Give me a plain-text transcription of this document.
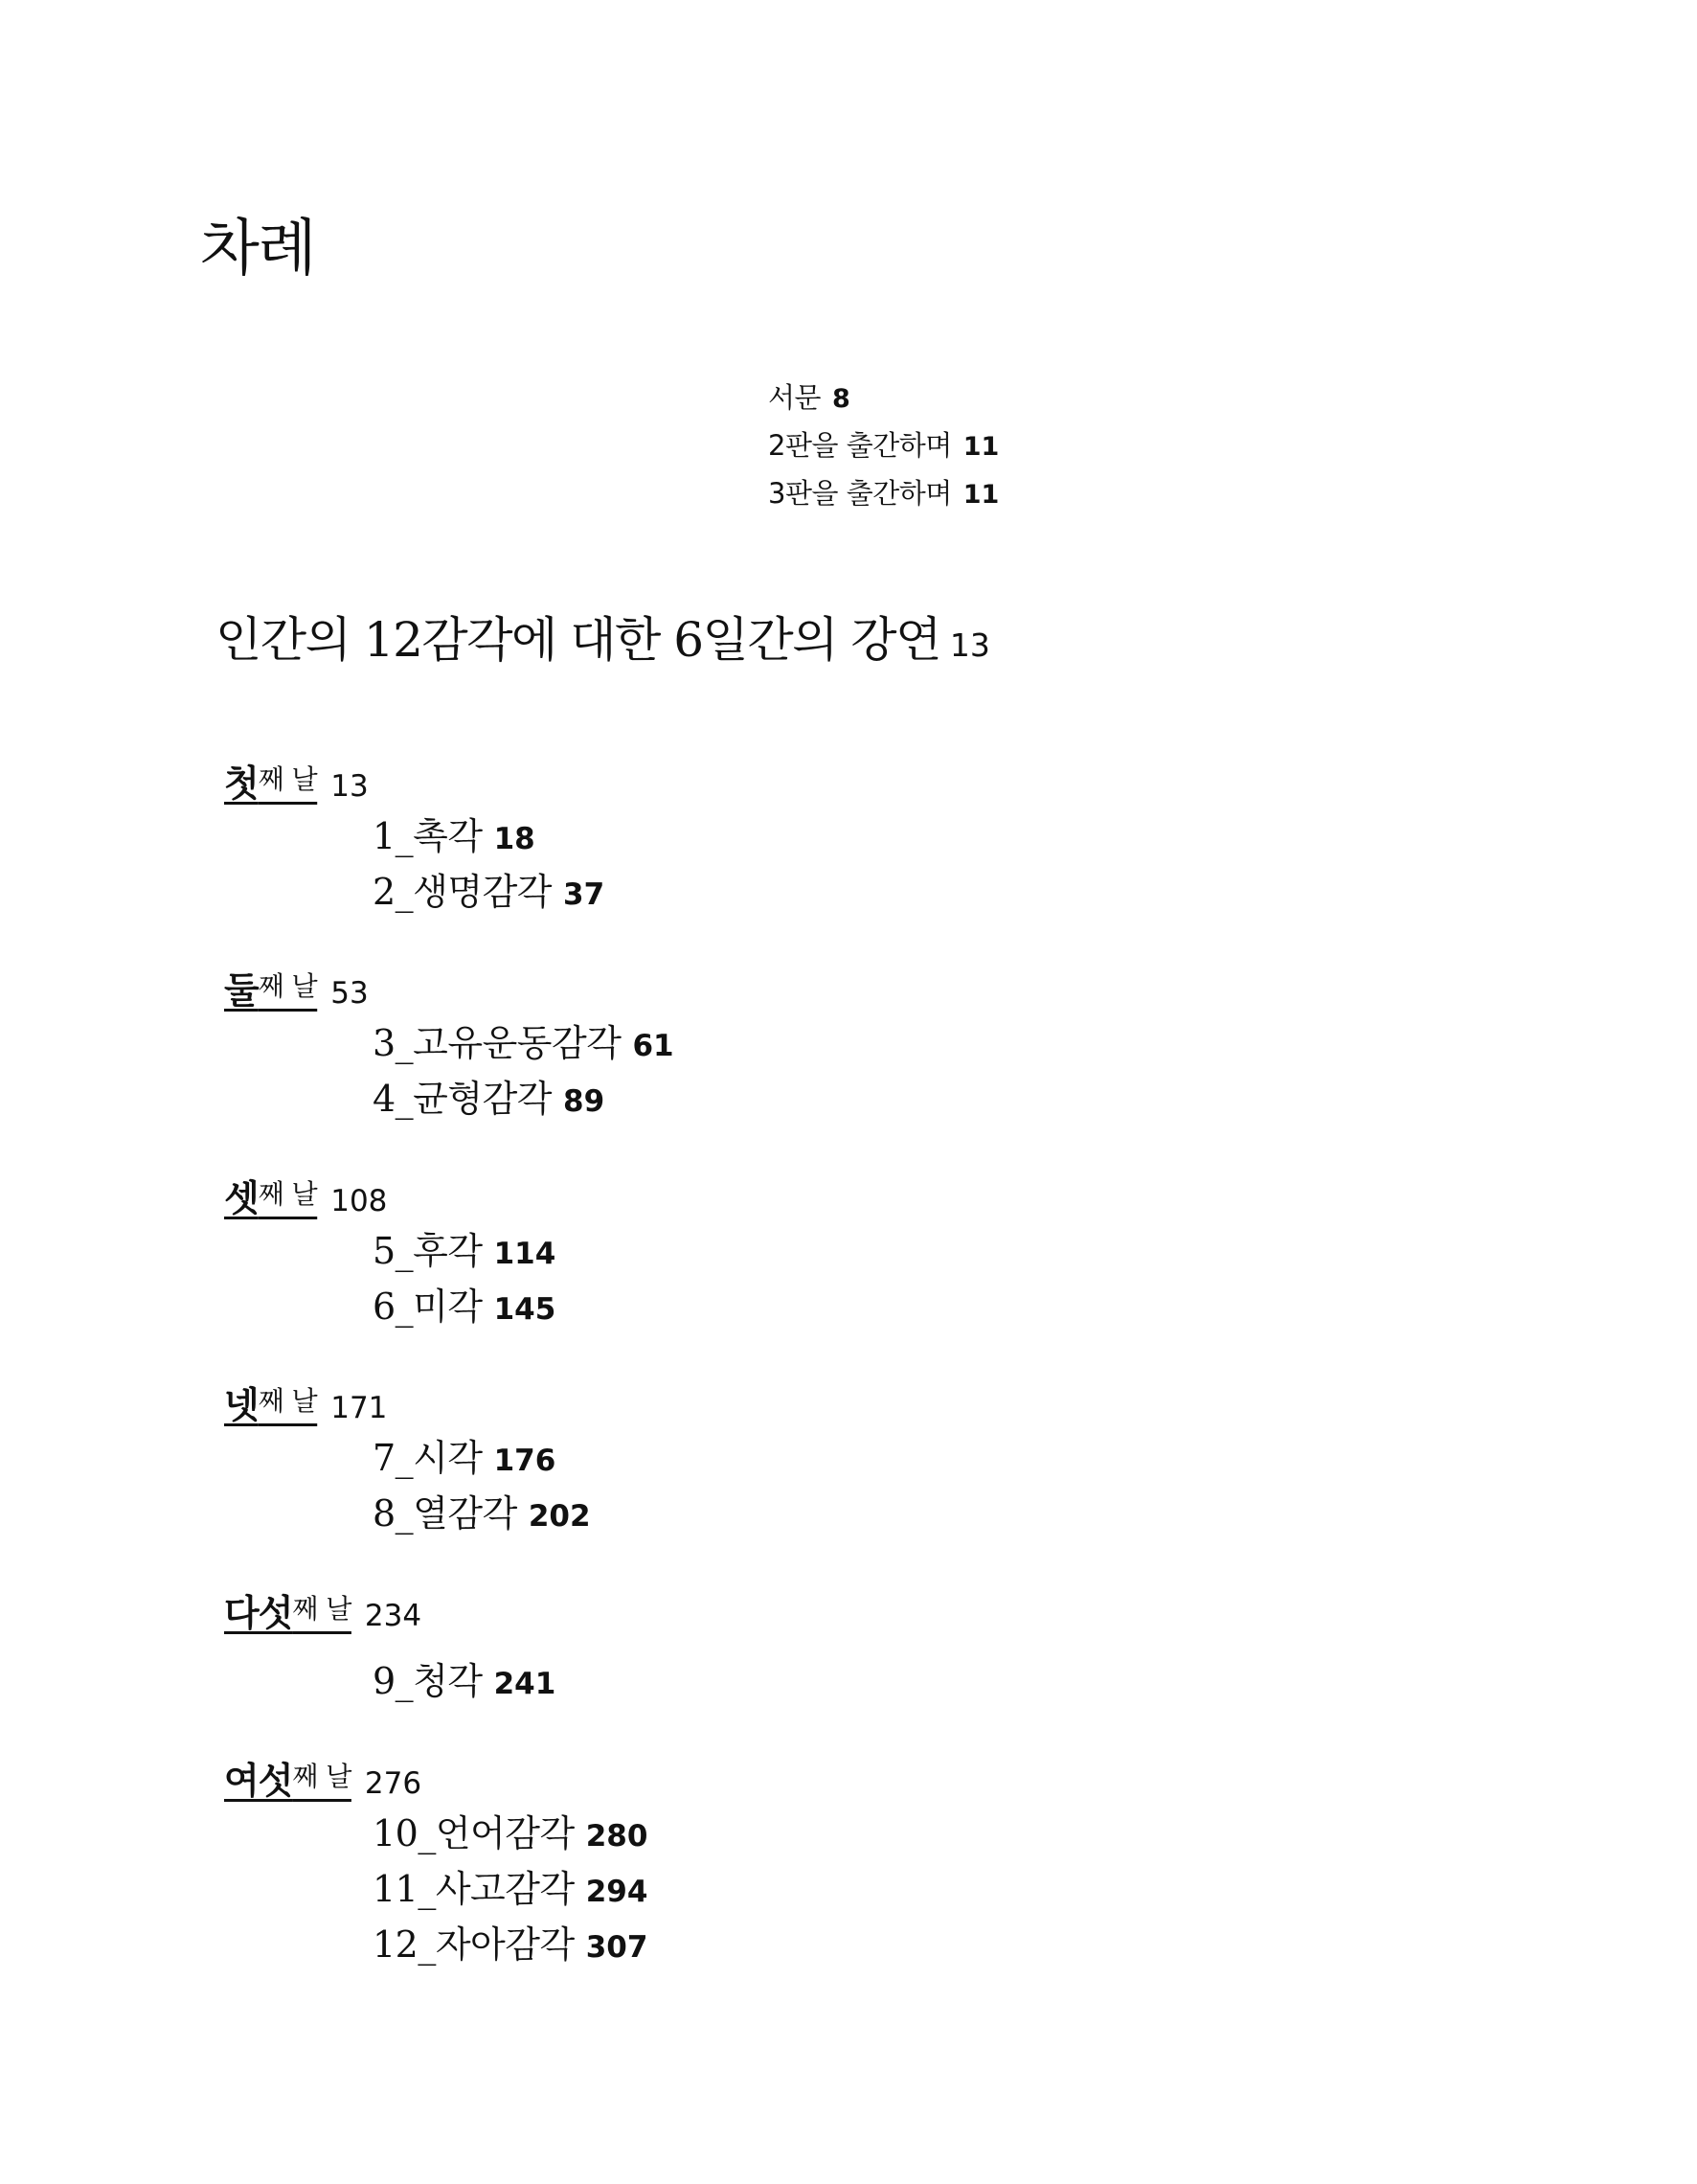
차례
서문 8
2판을 출간하며 11
3판을 출간하며 11
인간의 12감각에 대한 6일간의 강연 13
첫째 날 13
1_촉각 18
2_생명감각 37
둘째 날 53
3_고유운동감각 61
4_균형감각 89
셋째 날 108
5_후각 114
6_미각 145
넷째 날 171
7_시각 176
8_열감각 202
다섯째 날 234
9_청각 241
여섯째 날 276
10_언어감각 280
11_사고감각 294
12_자아감각 307
